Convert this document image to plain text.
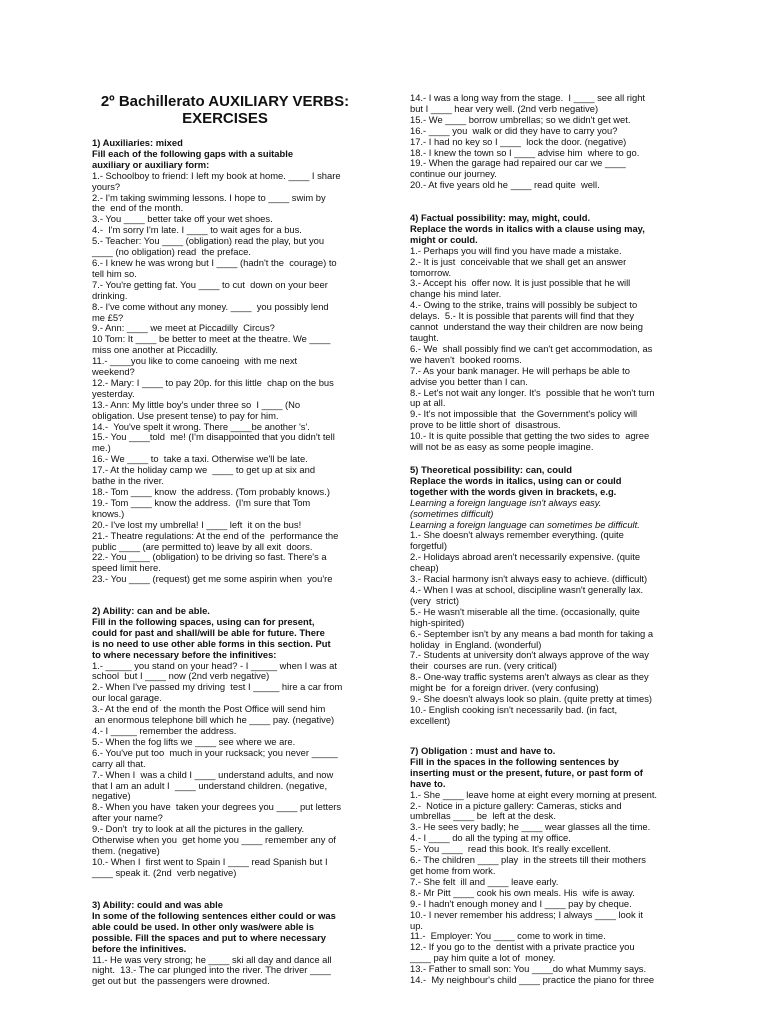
2º Bachillerato AUXILIARY VERBS:
EXERCISES
1) Auxiliaries: mixed
Fill each of the following gaps with a suitable
auxiliary or auxiliary form:
1.- Schoolboy to friend: I left my book at home. ____ I share
yours?
2.- I'm taking swimming lessons. I hope to ____ swim by
the  end of the month.
3.- You ____ better take off your wet shoes.
4.-  I'm sorry I'm late. I ____ to wait ages for a bus.
5.- Teacher: You ____ (obligation) read the play, but you
____ (no obligation) read  the preface.
6.- I knew he was wrong but I ____ (hadn't the  courage) to
tell him so.
7.- You're getting fat. You ____ to cut  down on your beer
drinking.
8.- I've come without any money. ____  you possibly lend
me £5?
9.- Ann: ____ we meet at Piccadilly  Circus?
10 Tom: It ____ be better to meet at the theatre. We ____
miss one another at Piccadilly.
11.- ____you like to come canoeing  with me next
weekend?
12.- Mary: I ____ to pay 20p. for this little  chap on the bus
yesterday.
13.- Ann: My little boy's under three so  I ____ (No
obligation. Use present tense) to pay for him.
14.-  You've spelt it wrong. There ____be another 's'.
15.- You ____told  me! (I'm disappointed that you didn't tell
me.)
16.- We ____ to  take a taxi. Otherwise we'll be late.
17.- At the holiday camp we  ____ to get up at six and
bathe in the river.
18.- Tom ____ know  the address. (Tom probably knows.)
19.- Tom ____ know the address.  (I'm sure that Tom
knows.)
20.- I've lost my umbrella! I ____ left  it on the bus!
21.- Theatre regulations: At the end of the  performance the
public ____ (are permitted to) leave by all exit  doors.
22.- You ____ (obligation) to be driving so fast. There's a
speed limit here.
23.- You ____ (request) get me some aspirin when  you're
2) Ability: can and be able.
Fill in the following spaces, using can for present,
could for past and shall/will be able for future. There
is no need to use other able forms in this section. Put
to where necessary before the infinitives:
1.- _____ you stand on your head? - I _____ when I was at
school  but I ____ now (2nd verb negative)
2.- When I've passed my driving  test I _____ hire a car from
our local garage.
3.- At the end of  the month the Post Office will send him
an enormous telephone bill which he ____ pay. (negative)
4.- I _____ remember the address.
5.- When the fog lifts we ____ see where we are.
6.- You've put too  much in your rucksack; you never _____
carry all that.
7.- When I  was a child I ____ understand adults, and now
that I am an adult I  ____ understand children. (negative,
negative)
8.- When you have  taken your degrees you ____ put letters
after your name?
9.- Don't  try to look at all the pictures in the gallery.
Otherwise when you  get home you ____ remember any of
them. (negative)
10.- When I  first went to Spain I ____ read Spanish but I
____ speak it. (2nd  verb negative)
3) Ability: could and was able
In some of the following sentences either could or was
able could be used. In other only was/were able is
possible. Fill the spaces and put to where necessary
before the infinitives.
11.- He was very strong; he ____ ski all day and dance all
night.  13.- The car plunged into the river. The driver ____
get out but  the passengers were drowned.
14.- I was a long way from the stage.  I ____ see all right
but I ____ hear very well. (2nd verb negative)
15.- We ____ borrow umbrellas; so we didn't get wet.
16.- ____ you  walk or did they have to carry you?
17.- I had no key so I ____  lock the door. (negative)
18.- I knew the town so I ____ advise him  where to go.
19.- When the garage had repaired our car we ____
continue our journey.
20.- At five years old he ____ read quite  well.
4) Factual possibility: may, might, could.
Replace the words in italics with a clause using may,
might or could.
1.- Perhaps you will find you have made a mistake.
2.- It is just  conceivable that we shall get an answer
tomorrow.
3.- Accept his  offer now. It is just possible that he will
change his mind later.
4.- Owing to the strike, trains will possibly be subject to
delays.  5.- It is possible that parents will find that they
cannot  understand the way their children are now being
taught.
6.- We  shall possibly find we can't get accommodation, as
we haven't  booked rooms.
7.- As your bank manager. He will perhaps be able to
advise you better than I can.
8.- Let's not wait any longer. It's  possible that he won't turn
up at all.
9.- It's not impossible that  the Government's policy will
prove to be little short of  disastrous.
10.- It is quite possible that getting the two sides to  agree
will not be as easy as some people imagine.
5) Theoretical possibility: can, could
Replace the words in italics, using can or could
together with the words given in brackets, e.g.
Learning a foreign language isn't always easy.
(sometimes difficult)
Learning a foreign language can sometimes be difficult.
1.- She doesn't always remember everything. (quite
forgetful)
2.- Holidays abroad aren't necessarily expensive. (quite
cheap)
3.- Racial harmony isn't always easy to achieve. (difficult)
4.- When I was at school, discipline wasn't generally lax.
(very  strict)
5.- He wasn't miserable all the time. (occasionally, quite
high-spirited)
6.- September isn't by any means a bad month for taking a
holiday  in England. (wonderful)
7.- Students at university don't always approve of the way
their  courses are run. (very critical)
8.- One-way traffic systems aren't always as clear as they
might be  for a foreign driver. (very confusing)
9.- She doesn't always look so plain. (quite pretty at times)
10.- English cooking isn't necessarily bad. (in fact,
excellent)
7) Obligation : must and have to.
Fill in the spaces in the following sentences by
inserting must or the present, future, or past form of
have to.
1.- She ____ leave home at eight every morning at present.
2.-  Notice in a picture gallery: Cameras, sticks and
umbrellas ____ be  left at the desk.
3.- He sees very badly; he ____ wear glasses all the time.
4.- I ____ do all the typing at my office.
5.- You ____  read this book. It's really excellent.
6.- The children ____ play  in the streets till their mothers
get home from work.
7.- She felt  ill and ____ leave early.
8.- Mr Pitt ____ cook his own meals. His  wife is away.
9.- I hadn't enough money and I ____ pay by cheque.
10.- I never remember his address; I always ____ look it
up.
11.-  Employer: You ____ come to work in time.
12.- If you go to the  dentist with a private practice you
____ pay him quite a lot of  money.
13.- Father to small son: You ____do what Mummy says.
14.-  My neighbour's child ____ practice the piano for three
